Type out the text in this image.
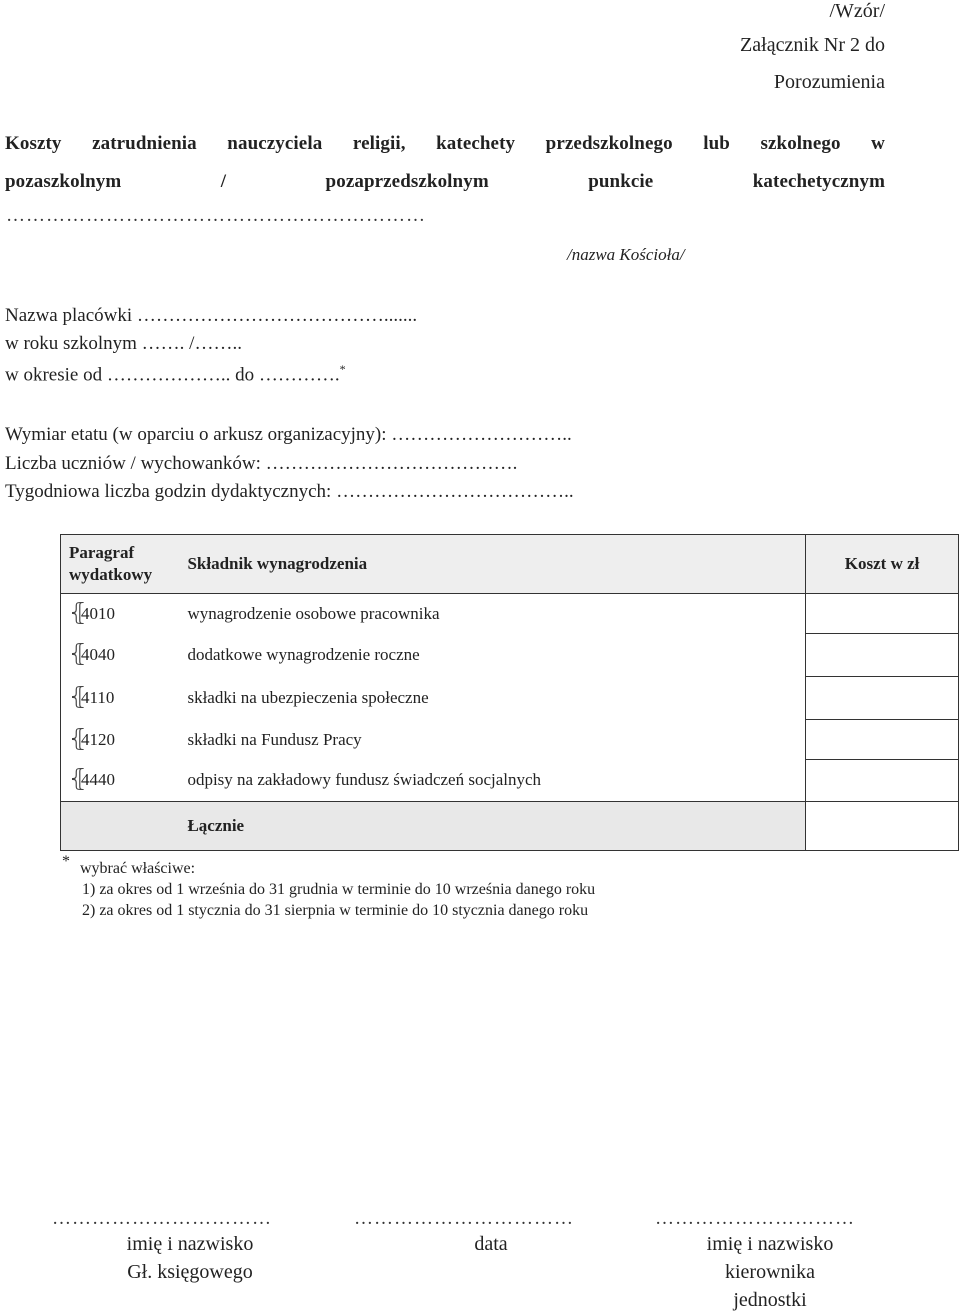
/Wzór/
Załącznik Nr 2 do
Porozumienia
Koszty zatrudnienia nauczyciela religii, katechety przedszkolnego lub szkolnego w
pozaszkolnym	/	pozaprzedszkolnym	punkcie	katechetycznym
………………………………………………………
/nazwa Kościoła/
Nazwa placówki ………………………………….......
w roku szkolnym ……. /……..
w okresie od ……………….. do ………….*
Wymiar etatu (w oparciu o arkusz organizacyjny): ………………………..
Liczba uczniów / wychowanków: ………………………………….
Tygodniowa liczba godzin dydaktycznych: ………………………………..
Paragraf wydatkowy	Składnik wynagrodzenia	Koszt w zł

⦃
4010	wynagrodzenie osobowe pracownika	

⦃
4040	dodatkowe wynagrodzenie roczne	

⦃
4110	składki na ubezpieczenia społeczne	

⦃
4120	składki na Fundusz Pracy	

⦃
4440	odpisy na zakładowy fundusz świadczeń socjalnych	
	Łącznie	
* wybrać właściwe:
1) za okres od 1 września do 31 grudnia w terminie do 10 września danego roku
2) za okres od 1 stycznia do 31 sierpnia w terminie do 10 stycznia danego roku
……………………………	……………………………	…………………………
imię i nazwisko
Gł. księgowego
data	imię i nazwisko
kierownika
jednostki
